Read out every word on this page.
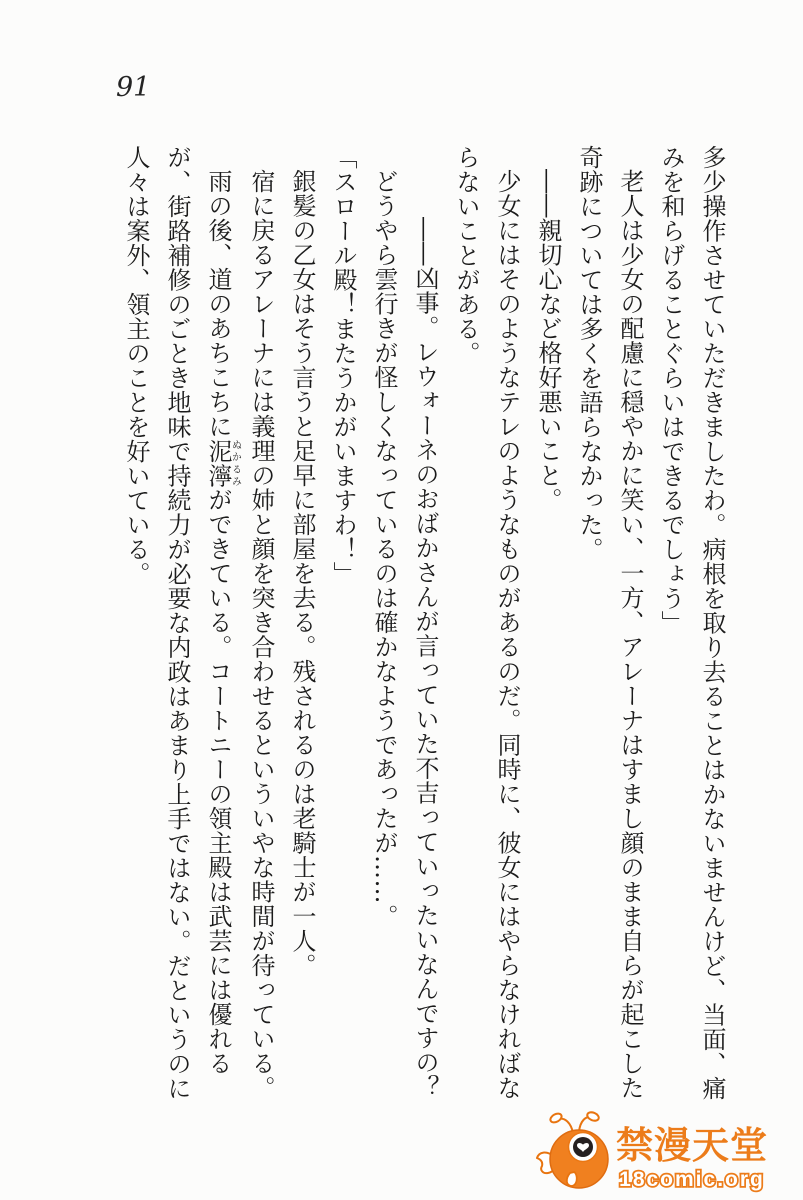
91

多少操作させていただきましたわ。病根を取り去ることはかないませんけど、当面、痛みを和らげることぐらいはできるでしょう」

老人は少女の配慮に穏やかに笑い、一方、アレーナはすまし顔のまま自らが起こした奇跡については多くを語らなかった。

――親切心など格好悪いこと。

少女にはそのようなテレのようなものがあるのだ。同時に、彼女にはやらなければならないことがある。

――凶事。レウォーネのおばかさんが言っていた不吉っていったいなんですの？

どうやら雲行きが怪しくなっているのは確かなようであったが……。

「スロール殿！またうかがいますわ！」

銀髪の乙女はそう言うと足早に部屋を去る。残されるのは老騎士が一人。

宿に戻るアレーナには義理の姉と顔を突き合わせるといういやな時間が待っている。

雨の後、道のあちこちに泥濘ぬかるみができている。コートニーの領主殿は武芸には優れるが、街路補修のごとき地味で持続力が必要な内政はあまり上手ではない。だというのに人々は案外、領主のことを好いている。

禁漫天堂
18comic.org
